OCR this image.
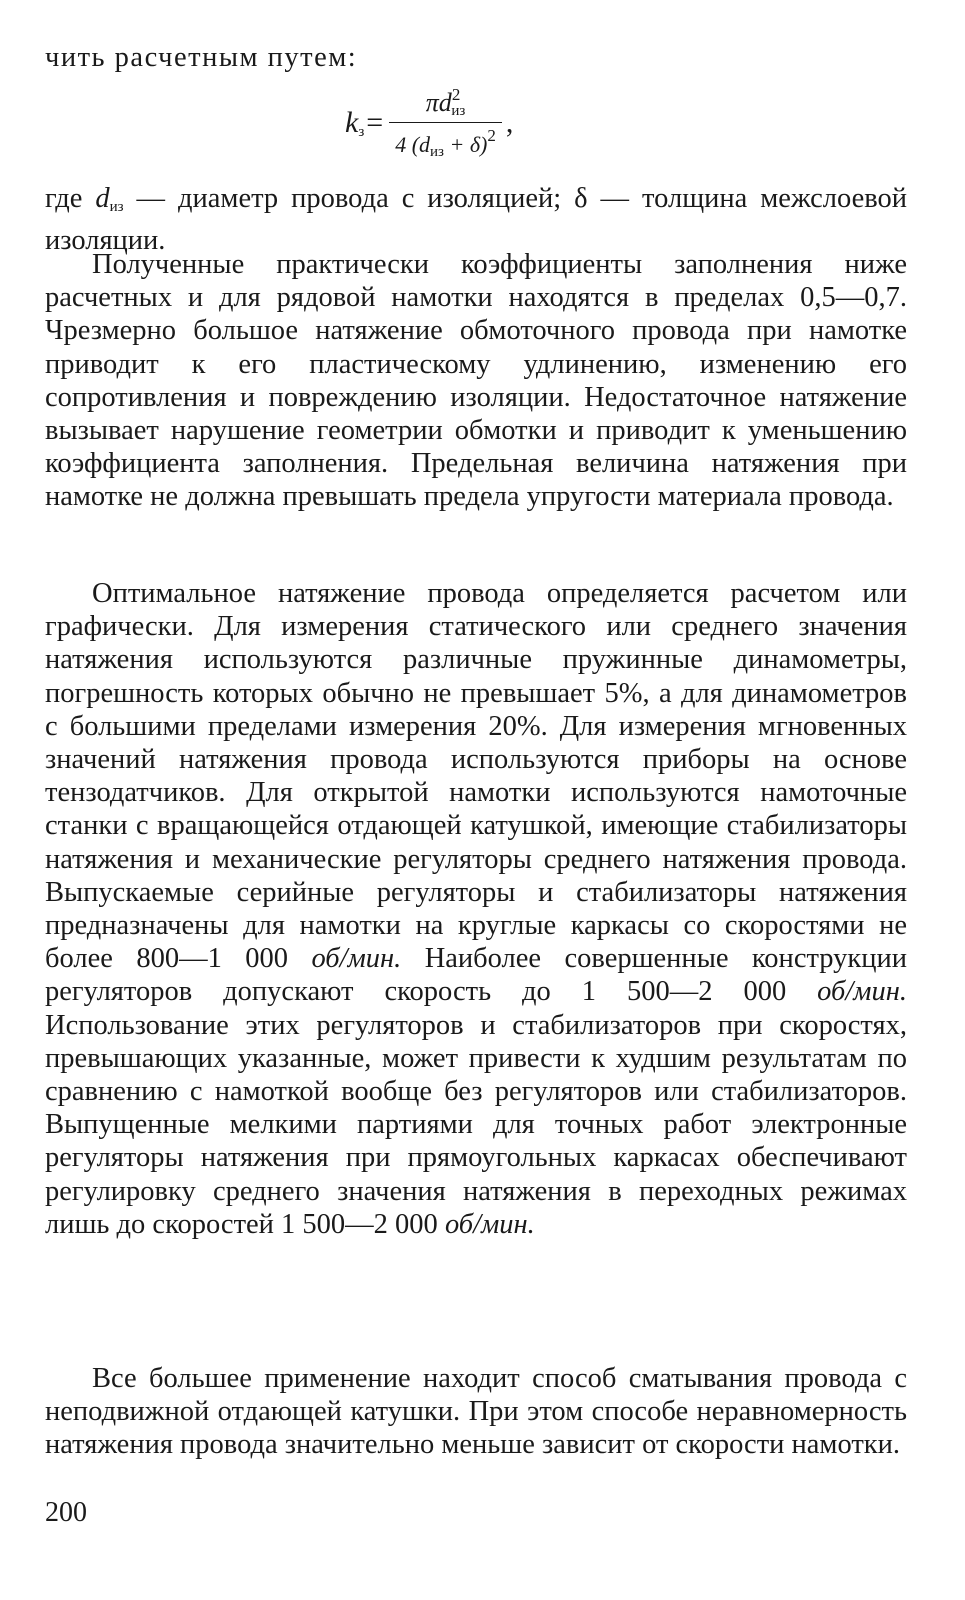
чить расчетным путем:
$k_з = \frac{\pi d^2_{из}}{4 (d_{из} + \delta)^2}$ ,
где $d_{из}$ — диаметр провода с изоляцией; δ — толщина межслоевой изоляции.
Полученные практически коэффициенты заполнения ниже расчетных и для рядовой намотки находятся в пределах 0,5—0,7. Чрезмерно большое натяжение обмоточного провода при намотке приводит к его пластическому удлинению, изменению его сопротивления и повреждению изоляции. Недостаточное натяжение вызывает нарушение геометрии обмотки и приводит к уменьшению коэффициента заполнения. Предельная величина натяжения при намотке не должна превышать предела упругости материала провода.
Оптимальное натяжение провода определяется расчетом или графически. Для измерения статического или среднего значения натяжения используются различные пружинные динамометры, погрешность которых обычно не превышает 5%, а для динамометров с большими пределами измерения 20%. Для измерения мгновенных значений натяжения провода используются приборы на основе тензодатчиков. Для открытой намотки используются намоточные станки с вращающейся отдающей катушкой, имеющие стабилизаторы натяжения и механические регуляторы среднего натяжения провода. Выпускаемые серийные регуляторы и стабилизаторы натяжения предназначены для намотки на круглые каркасы со скоростями не более 800—1 000 об/мин. Наиболее совершенные конструкции регуляторов допускают скорость до 1 500—2 000 об/мин. Использование этих регуляторов и стабилизаторов при скоростях, превышающих указанные, может привести к худшим результатам по сравнению с намоткой вообще без регуляторов или стабилизаторов. Выпущенные мелкими партиями для точных работ электронные регуляторы натяжения при прямоугольных каркасах обеспечивают регулировку среднего значения натяжения в переходных режимах лишь до скоростей 1 500—2 000 об/мин.
Все большее применение находит способ сматывания провода с неподвижной отдающей катушки. При этом способе неравномерность натяжения провода значительно меньше зависит от скорости намотки.
200
